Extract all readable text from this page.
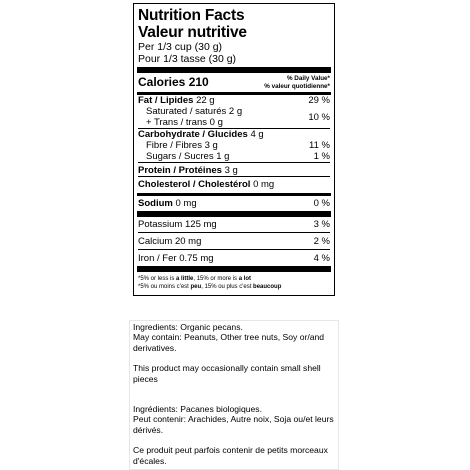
Nutrition Facts
Valeur nutritive
Per 1/3 cup (30 g)
Pour 1/3 tasse (30 g)
Calories 210	% Daily Value*
% valeur quotidienne*
Fat / Lipides 22 g	29 %
Saturated / saturés 2 g
+ Trans / trans 0 g	10 %
Carbohydrate / Glucides 4 g
Fibre / Fibres 3 g	11 %
Sugars / Sucres 1 g	1 %
Protein / Protéines 3 g
Cholesterol / Cholestérol 0 mg
Sodium 0 mg	0 %
Potassium 125 mg	3 %
Calcium 20 mg	2 %
Iron / Fer 0.75 mg	4 %
*5% or less is a little, 15% or more is a lot
*5% ou moins c'est peu, 15% ou plus c'est beaucoup

Ingredients: Organic pecans.

May contain: Peanuts, Other tree nuts, Soy or/and derivatives.

This product may occasionally contain small shell pieces

Ingrédients: Pacanes biologiques.

Peut contenir: Arachides, Autre noix, Soja ou/et leurs dérivés.

Ce produit peut parfois contenir de petits morceaux d'écales.
